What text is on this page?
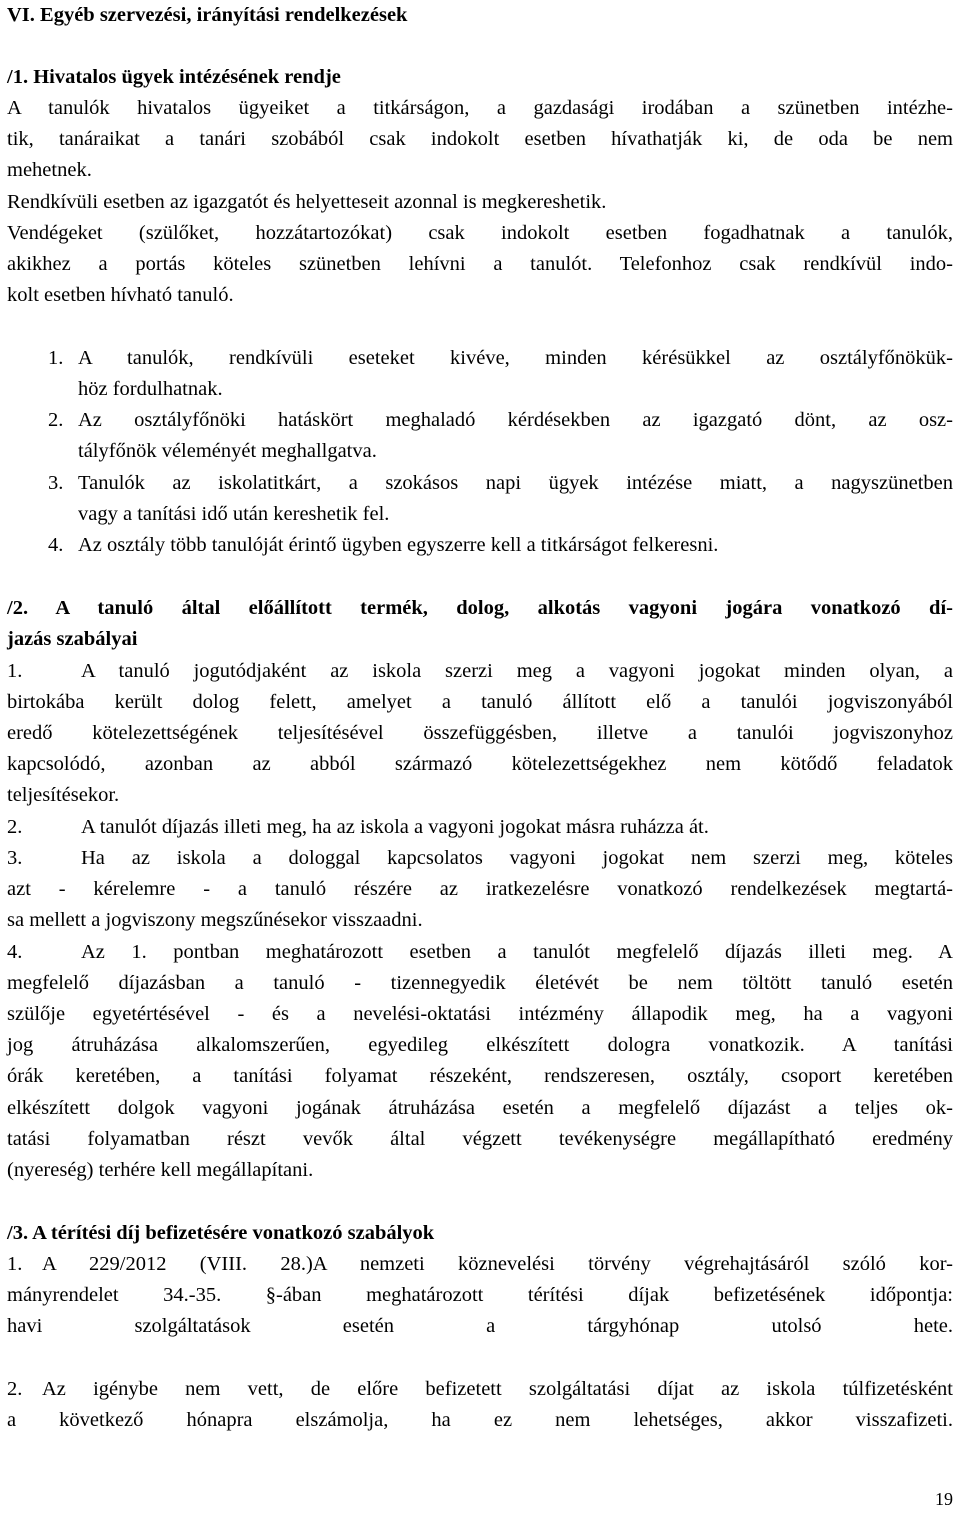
VI. Egyéb szervezési, irányítási rendelkezések
/1. Hivatalos ügyek intézésének rendje
A tanulók hivatalos ügyeiket a titkárságon, a gazdasági irodában a szünetben intézhe-
tik, tanáraikat a tanári szobából csak indokolt esetben hívathatják ki, de oda be nem
mehetnek.
Rendkívüli esetben az igazgatót és helyetteseit azonnal is megkereshetik.
Vendégeket (szülőket, hozzátartozókat) csak indokolt esetben fogadhatnak a tanulók,
akikhez a portás köteles szünetben lehívni a tanulót. Telefonhoz csak rendkívül indo-
kolt esetben hívható tanuló.
1. A tanulók, rendkívüli eseteket kivéve, minden kérésükkel az osztályfőnökük-
höz fordulhatnak.
2. Az osztályfőnöki hatáskört meghaladó kérdésekben az igazgató dönt, az osz-
tályfőnök véleményét meghallgatva.
3. Tanulók az iskolatitkárt, a szokásos napi ügyek intézése miatt, a nagyszünetben
vagy a tanítási idő után kereshetik fel.
4. Az osztály több tanulóját érintő ügyben egyszerre kell a titkárságot felkeresni.
/2. A tanuló által előállított termék, dolog, alkotás vagyoni jogára vonatkozó dí-
jazás szabályai
1.	A tanuló jogutódjaként az iskola szerzi meg a vagyoni jogokat minden olyan, a
birtokába került dolog felett, amelyet a tanuló állított elő a tanulói jogviszonyából
eredő kötelezettségének teljesítésével összefüggésben, illetve a tanulói jogviszonyhoz
kapcsolódó, azonban az abból származó kötelezettségekhez nem kötődő feladatok
teljesítésekor.
2.	A tanulót díjazás illeti meg, ha az iskola a vagyoni jogokat másra ruházza át.
3.	Ha az iskola a dologgal kapcsolatos vagyoni jogokat nem szerzi meg, köteles
azt - kérelemre - a tanuló részére az iratkezelésre vonatkozó rendelkezések megtartá-
sa mellett a jogviszony megszűnésekor visszaadni.
4.	Az 1. pontban meghatározott esetben a tanulót megfelelő díjazás illeti meg. A
megfelelő díjazásban a tanuló - tizennegyedik életévét be nem töltött tanuló esetén
szülője egyetértésével - és a nevelési-oktatási intézmény állapodik meg, ha a vagyoni
jog átruházása alkalomszerűen, egyedileg elkészített dologra vonatkozik. A tanítási
órák keretében, a tanítási folyamat részeként, rendszeresen, osztály, csoport keretében
elkészített dolgok vagyoni jogának átruházása esetén a megfelelő díjazást a teljes ok-
tatási folyamatban részt vevők által végzett tevékenységre megállapítható eredmény
(nyereség) terhére kell megállapítani.
/3. A térítési díj befizetésére vonatkozó szabályok
1. A 229/2012 (VIII. 28.)A nemzeti köznevelési törvény végrehajtásáról szóló kor-
mányrendelet 34.-35. §-ában meghatározott térítési díjak befizetésének időpontja:
havi szolgáltatások esetén a tárgyhónap utolsó hete.
2. Az igénybe nem vett, de előre befizetett szolgáltatási díjat az iskola túlfizetésként
a következő hónapra elszámolja, ha ez nem lehetséges, akkor visszafizeti.
19
